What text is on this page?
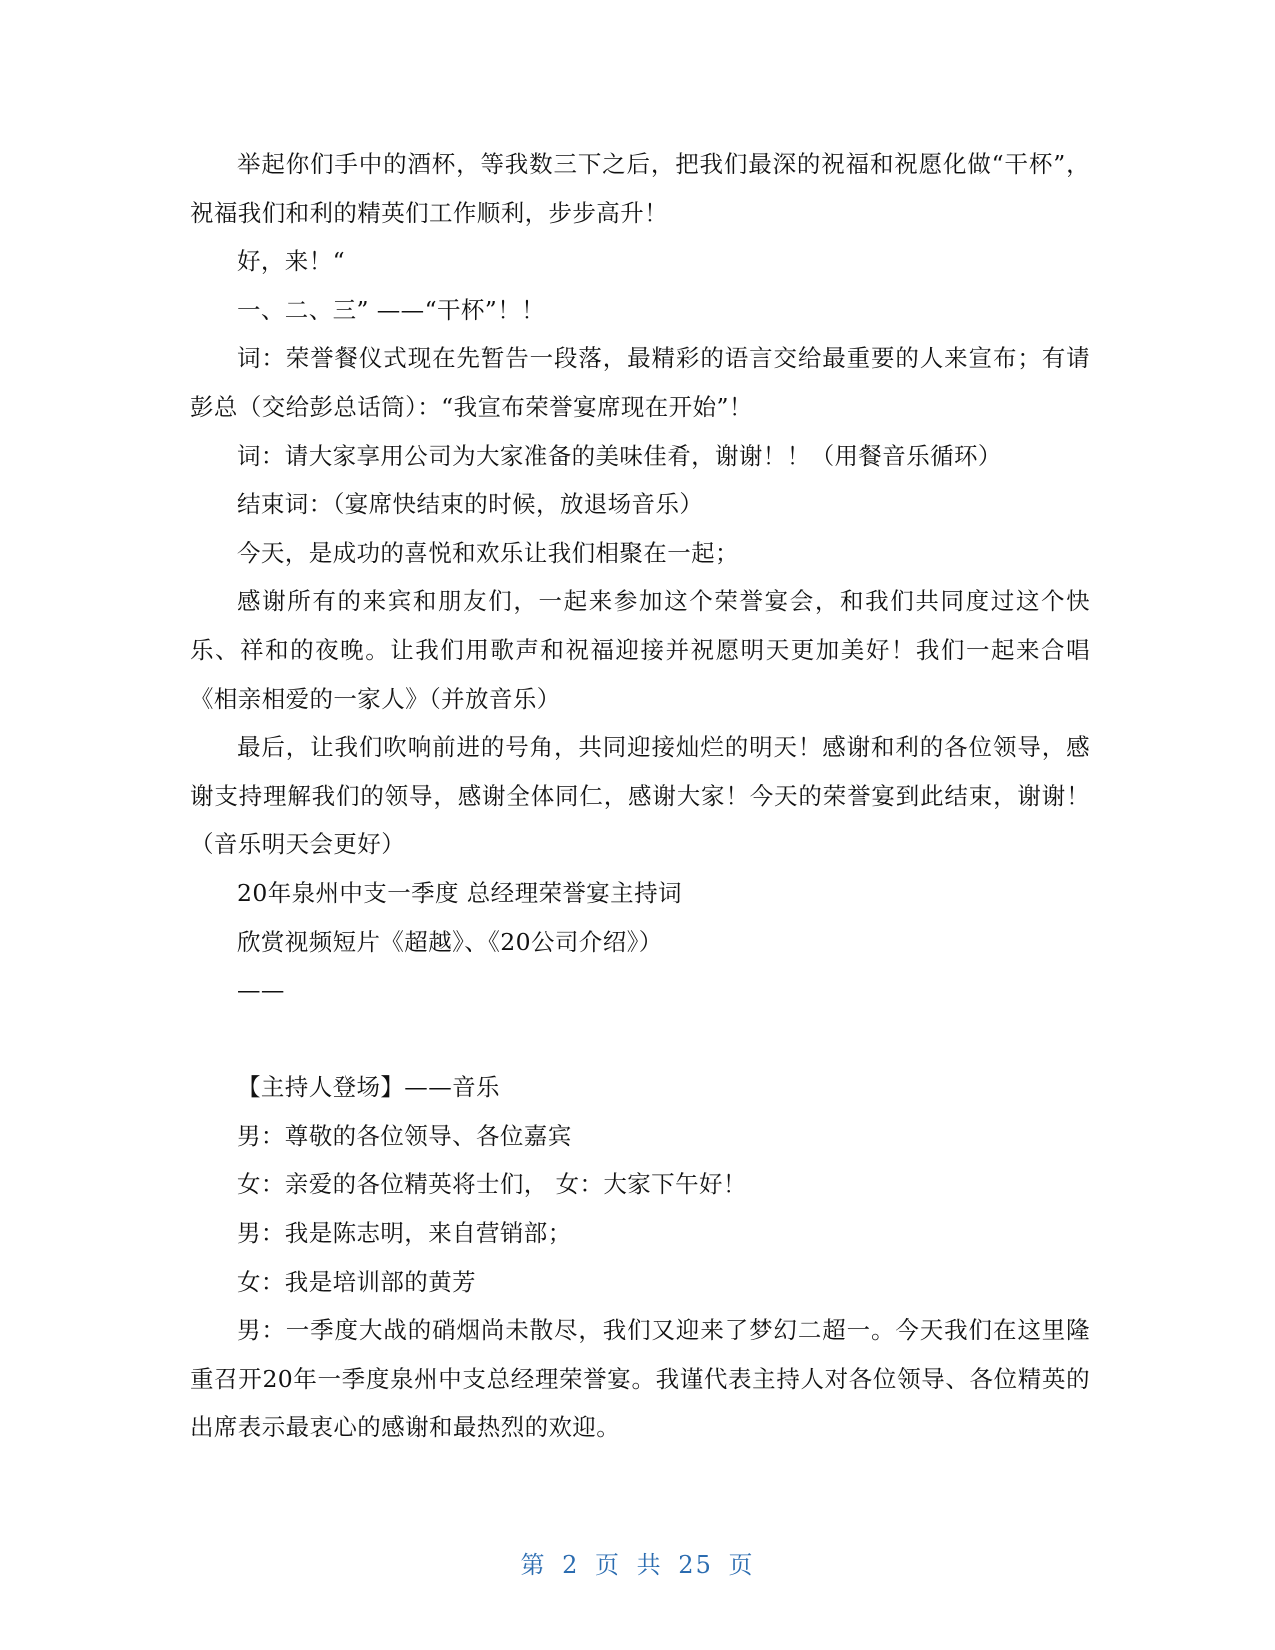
举起你们手中的酒杯，等我数三下之后，把我们最深的祝福和祝愿化做“干杯”，祝福我们和利的精英们工作顺利，步步高升！

好，来！“

一、二、三” ——“干杯”！！

词：荣誉餐仪式现在先暂告一段落，最精彩的语言交给最重要的人来宣布；有请彭总（交给彭总话筒）：“我宣布荣誉宴席现在开始”！

词：请大家享用公司为大家准备的美味佳肴，谢谢！！（用餐音乐循环）

结束词：（宴席快结束的时候，放退场音乐）

今天，是成功的喜悦和欢乐让我们相聚在一起；

感谢所有的来宾和朋友们，一起来参加这个荣誉宴会，和我们共同度过这个快乐、祥和的夜晚。让我们用歌声和祝福迎接并祝愿明天更加美好！我们一起来合唱《相亲相爱的一家人》（并放音乐）

最后，让我们吹响前进的号角，共同迎接灿烂的明天！感谢和利的各位领导，感谢支持理解我们的领导，感谢全体同仁，感谢大家！今天的荣誉宴到此结束，谢谢！（音乐明天会更好）

20年泉州中支一季度 总经理荣誉宴主持词

欣赏视频短片《超越》、《20公司介绍》）

——

【主持人登场】——音乐

男：尊敬的各位领导、各位嘉宾

女：亲爱的各位精英将士们， 女：大家下午好！

男：我是陈志明，来自营销部；

女：我是培训部的黄芳

男：一季度大战的硝烟尚未散尽，我们又迎来了梦幻二超一。今天我们在这里隆重召开20年一季度泉州中支总经理荣誉宴。我谨代表主持人对各位领导、各位精英的出席表示最衷心的感谢和最热烈的欢迎。

第 2 页 共 25 页
